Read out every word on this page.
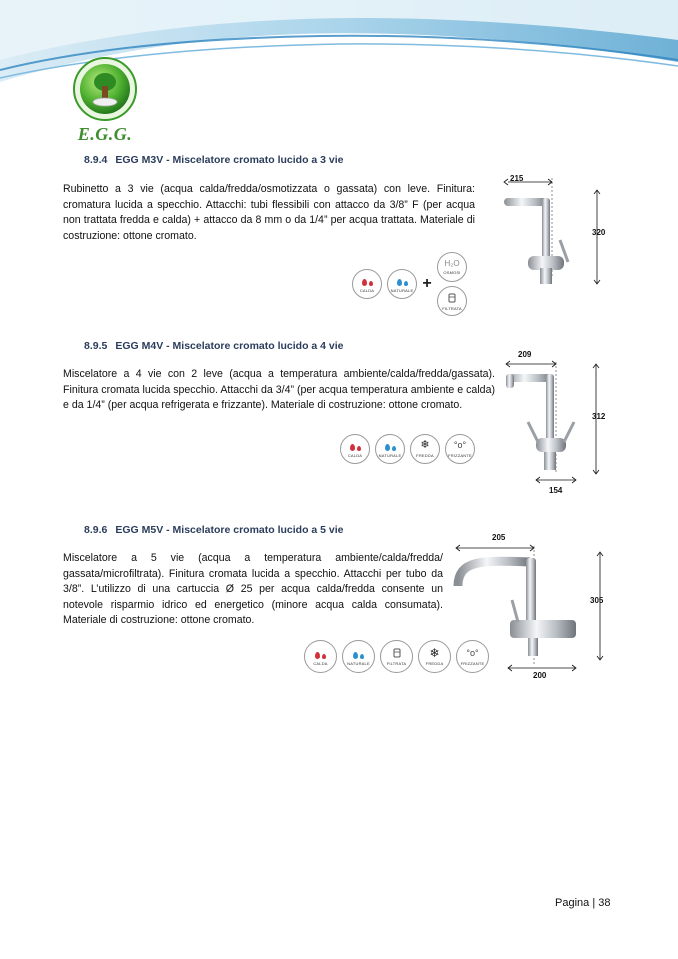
E.G.G.
8.9.4 EGG M3V - Miscelatore cromato lucido a 3 vie
Rubinetto a 3 vie (acqua calda/fredda/osmotizzata o gassata) con leve. Finitura: cromatura lucida a specchio. Attacchi: tubi flessibili con attacco da 3/8” F (per acqua non trattata fredda e calda) + attacco da 8 mm o da 1/4” per acqua trattata. Materiale di costruzione: ottone cromato.
CALDA	NATURALE +
H₂O
OSMOSI
FILTRATA
215
320
8.9.5 EGG M4V - Miscelatore cromato lucido a 4 vie
Miscelatore a 4 vie con 2 leve (acqua a temperatura ambiente/calda/fredda/gassata). Finitura cromata lucida specchio. Attacchi da 3/4” (per acqua temperatura ambiente e calda) e da 1/4” (per acqua refrigerata e frizzante). Materiale di costruzione: ottone cromato.
CALDA	NATURALE
❄
FREDDA
°o°
FRIZZANTE
209
312
154
8.9.6 EGG M5V - Miscelatore cromato lucido a 5 vie
Miscelatore a 5 vie (acqua a temperatura ambiente/calda/fredda/ gassata/microfiltrata). Finitura cromata lucida a specchio. Attacchi per tubo da 3/8”. L’utilizzo di una cartuccia Ø 25 per acqua calda/fredda consente un notevole risparmio idrico ed energetico (minore acqua calda consumata). Materiale di costruzione: ottone cromato.
CALDA	NATURALE	FILTRATA
❄
FREDDA
°o°
FRIZZANTE
205
305
200
Pagina | 38
